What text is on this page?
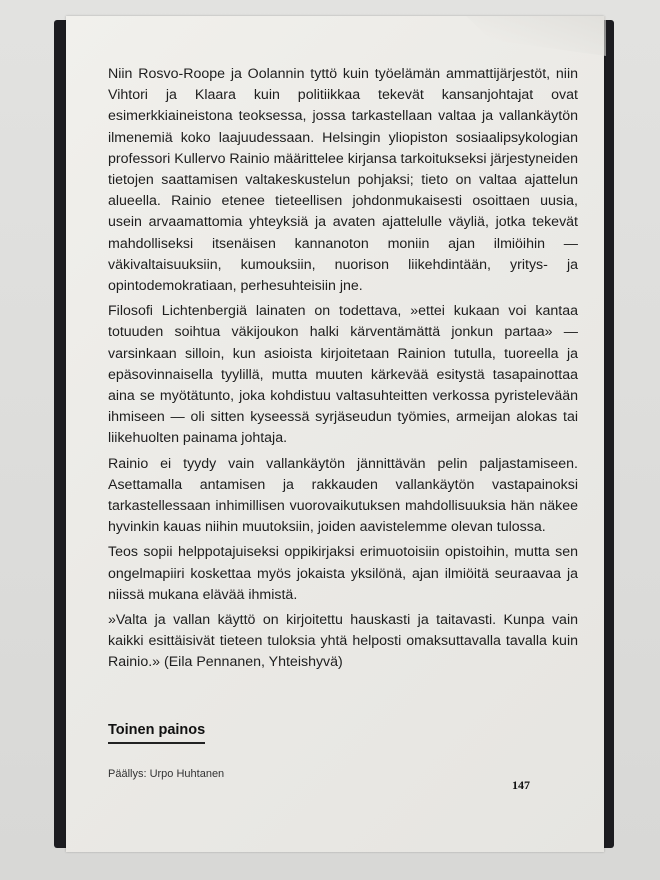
Niin Rosvo-Roope ja Oolannin tyttö kuin työelämän ammattijärjestöt, niin Vihtori ja Klaara kuin politiikkaa tekevät kansanjohtajat ovat esimerkkiaineistona teoksessa, jossa tarkastellaan valtaa ja vallankäytön ilmenemiä koko laajuudessaan. Helsingin yliopiston sosiaalipsykologian professori Kullervo Rainio määrittelee kirjansa tarkoitukseksi järjestyneiden tietojen saattamisen valtakeskustelun pohjaksi; tieto on valtaa ajattelun alueella. Rainio etenee tieteellisen johdonmukaisesti osoittaen uusia, usein arvaamattomia yhteyksiä ja avaten ajattelulle väyliä, jotka tekevät mahdolliseksi itsenäisen kannanoton moniin ajan ilmiöihin — väkivaltaisuuksiin, kumouksiin, nuorison liikehdintään, yritys- ja opintodemokratiaan, perhesuhteisiin jne.

Filosofi Lichtenbergiä lainaten on todettava, »ettei kukaan voi kantaa totuuden soihtua väkijoukon halki kärventämättä jonkun partaa» — varsinkaan silloin, kun asioista kirjoitetaan Rainion tutulla, tuoreella ja epäsovinnaisella tyylillä, mutta muuten kärkevää esitystä tasapainottaa aina se myötätunto, joka kohdistuu valtasuhteitten verkossa pyristelevään ihmiseen — oli sitten kyseessä syrjäseudun työmies, armeijan alokas tai liikehuolten painama johtaja.

Rainio ei tyydy vain vallankäytön jännittävän pelin paljastamiseen. Asettamalla antamisen ja rakkauden vallankäytön vastapainoksi tarkastellessaan inhimillisen vuorovaikutuksen mahdollisuuksia hän näkee hyvinkin kauas niihin muutoksiin, joiden aavistelemme olevan tulossa.

Teos sopii helppotajuiseksi oppikirjaksi erimuotoisiin opistoihin, mutta sen ongelmapiiri koskettaa myös jokaista yksilönä, ajan ilmiöitä seuraavaa ja niissä mukana elävää ihmistä.

»Valta ja vallan käyttö on kirjoitettu hauskasti ja taitavasti. Kunpa vain kaikki esittäisivät tieteen tuloksia yhtä helposti omaksuttavalla tavalla kuin Rainio.» (Eila Pennanen, Yhteishyvä)

Toinen painos
Päällys: Urpo Huhtanen
147
